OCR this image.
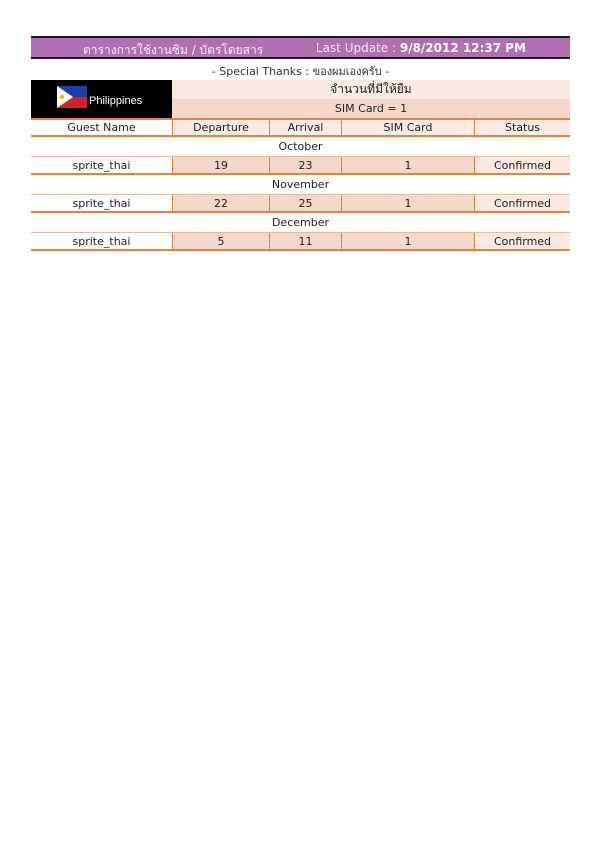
ตารางการใช้งานซิม / บัตรโดยสาร	Last Update : 9/8/2012 12:37 PM
- Special Thanks : ของผมเองครับ -
Philippines
จำนวนที่มีให้ยืม
SIM Card = 1
Guest Name	Departure	Arrival	SIM Card	Status
October
sprite_thai	19	23	1	Confirmed
November
sprite_thai	22	25	1	Confirmed
December
sprite_thai	5	11	1	Confirmed
